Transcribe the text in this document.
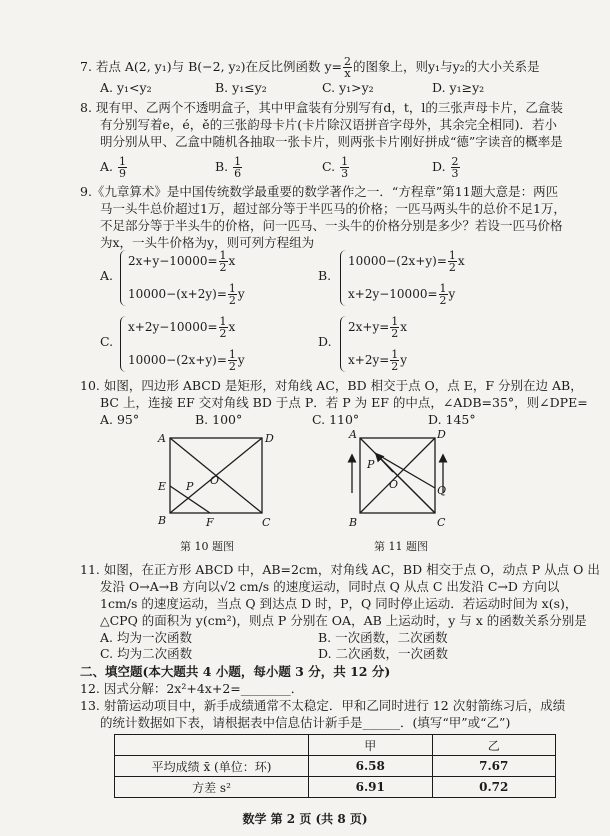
7. 若点 A(2, y₁)与 B(−2, y₂)在反比例函数 $y= \frac{2}{x}$ 的图象上，则y₁与y₂的大小关系是
A. y₁<y₂	B. y₁≤y₂	C. y₁>y₂	D. y₁≥y₂
8. 现有甲、乙两个不透明盒子，其中甲盒装有分别写有d，t，l的三张声母卡片，乙盒装
有分别写着e，é，ě的三张韵母卡片(卡片除汉语拼音字母外，其余完全相同)．若小
明分别从甲、乙盒中随机各抽取一张卡片，则两张卡片刚好拼成“德”字读音的概率是
A. $\frac{1}{9}$	B. $\frac{1}{6}$	C. $\frac{1}{3}$	D. $\frac{2}{3}$
9.《九章算术》是中国传统数学最重要的数学著作之一．“方程章”第11题大意是：两匹
马一头牛总价超过1万，超过部分等于半匹马的价格；一匹马两头牛的总价不足1万，
不足部分等于半头牛的价格，问一匹马、一头牛的价格分别是多少？若设一匹马价格
为x，一头牛价格为y，则可列方程组为
A.
$2x+y-10000= \frac{1}{2}$ x
$10000-(x+2y)= \frac{1}{2}$ y
B.
$10000-(2x+y)= \frac{1}{2}$ x
$x+2y-10000= \frac{1}{2}$ y
C.
$x+2y-10000= \frac{1}{2}$ x
$10000-(2x+y)= \frac{1}{2}$ y
D.
$2x+y= \frac{1}{2}$ x
$x+2y= \frac{1}{2}$ y
10. 如图，四边形 ABCD 是矩形，对角线 AC，BD 相交于点 O，点 E，F 分别在边 AB，
BC 上，连接 EF 交对角线 BD 于点 P．若 P 为 EF 的中点，∠ADB=35°，则∠DPE=
A. 95°	B. 100°	C. 110°	D. 145°
A	D
E P O
B	F	C
第 10 题图
A	D
P
O	Q
B	C
第 11 题图
11. 如图，在正方形 ABCD 中，AB=2cm，对角线 AC，BD 相交于点 O，动点 P 从点 O 出
发沿 O→A→B 方向以√2 cm/s 的速度运动，同时点 Q 从点 C 出发沿 C→D 方向以
1cm/s 的速度运动，当点 Q 到达点 D 时，P，Q 同时停止运动．若运动时间为 x(s)，
△CPQ 的面积为 y(cm²)，则点 P 分别在 OA，AB 上运动时，y 与 x 的函数关系分别是
A. 均为一次函数	B. 一次函数，二次函数
C. 均为二次函数	D. 二次函数，一次函数
二、填空题(本大题共 4 小题，每小题 3 分，共 12 分)
12. 因式分解：2x²+4x+2=________．
13. 射箭运动项目中，新手成绩通常不太稳定．甲和乙同时进行 12 次射箭练习后，成绩
的统计数据如下表，请根据表中信息估计新手是______．(填写“甲”或“乙”)
	甲	乙
平均成绩 x̄ (单位：环)	6.58	7.67
方差 s²	6.91	0.72
数学 第 2 页 (共 8 页)
